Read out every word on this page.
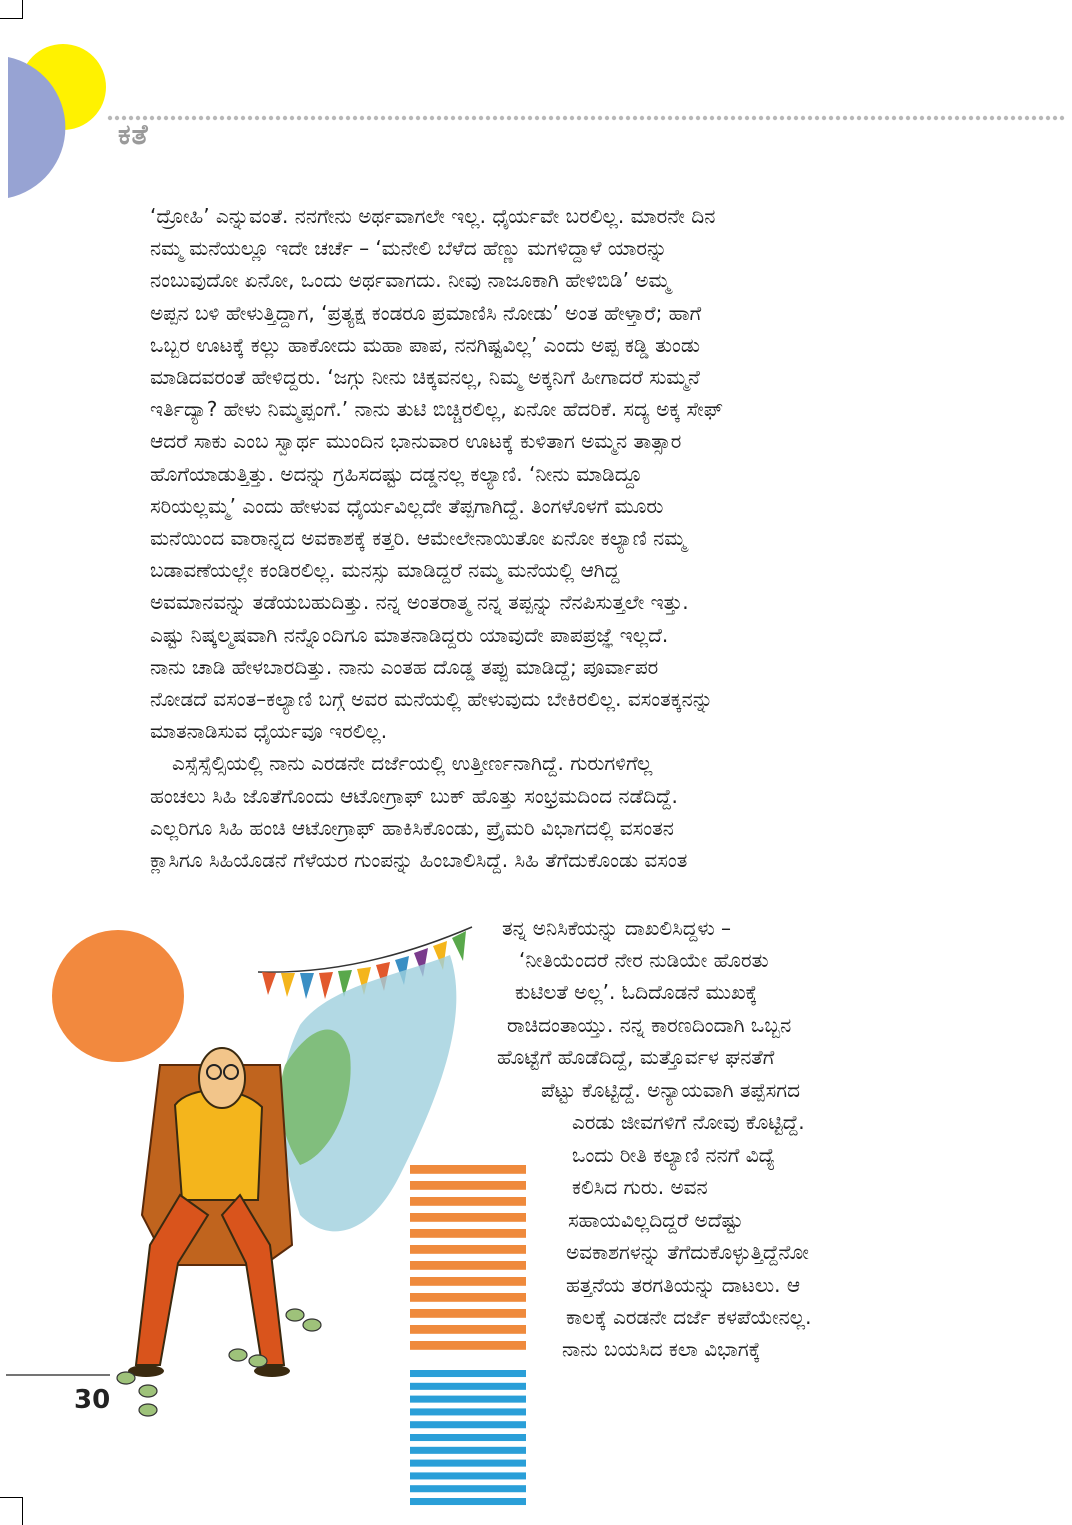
ಕತೆ
‘ದ್ರೋಹಿ’ ಎನ್ನುವಂತೆ. ನನಗೇನು ಅರ್ಥವಾಗಲೇ ಇಲ್ಲ. ಧೈರ್ಯವೇ ಬರಲಿಲ್ಲ. ಮಾರನೇ ದಿನ
ನಮ್ಮ ಮನೆಯಲ್ಲೂ ಇದೇ ಚರ್ಚೆ – ‘ಮನೇಲಿ ಬೆಳೆದ ಹೆಣ್ಣು ಮಗಳಿದ್ದಾಳೆ ಯಾರನ್ನು
ನಂಬುವುದೋ ಏನೋ, ಒಂದು ಅರ್ಥವಾಗದು. ನೀವು ನಾಜೂಕಾಗಿ ಹೇಳಿಬಿಡಿ’ ಅಮ್ಮ
ಅಪ್ಪನ ಬಳಿ ಹೇಳುತ್ತಿದ್ದಾಗ, ‘ಪ್ರತ್ಯಕ್ಷ ಕಂಡರೂ ಪ್ರಮಾಣಿಸಿ ನೋಡು’ ಅಂತ ಹೇಳ್ತಾರೆ; ಹಾಗೆ
ಒಬ್ಬರ ಊಟಕ್ಕೆ ಕಲ್ಲು ಹಾಕೋದು ಮಹಾ ಪಾಪ, ನನಗಿಷ್ಟವಿಲ್ಲ’ ಎಂದು ಅಪ್ಪ ಕಡ್ಡಿ ತುಂಡು
ಮಾಡಿದವರಂತೆ ಹೇಳಿದ್ದರು. ‘ಜಗ್ಗು ನೀನು ಚಿಕ್ಕವನಲ್ಲ, ನಿಮ್ಮ ಅಕ್ಕನಿಗೆ ಹೀಗಾದರೆ ಸುಮ್ಮನೆ
ಇರ್ತಿದ್ಯಾ? ಹೇಳು ನಿಮ್ಮಪ್ಪಂಗೆ.’ ನಾನು ತುಟಿ ಬಿಚ್ಚಿರಲಿಲ್ಲ, ಏನೋ ಹೆದರಿಕೆ. ಸದ್ಯ ಅಕ್ಕ ಸೇಫ್
ಆದರೆ ಸಾಕು ಎಂಬ ಸ್ವಾರ್ಥ ಮುಂದಿನ ಭಾನುವಾರ ಊಟಕ್ಕೆ ಕುಳಿತಾಗ ಅಮ್ಮನ ತಾತ್ಸಾರ
ಹೊಗೆಯಾಡುತ್ತಿತ್ತು. ಅದನ್ನು ಗ್ರಹಿಸದಷ್ಟು ದಡ್ಡನಲ್ಲ ಕಲ್ಯಾಣಿ. ‘ನೀನು ಮಾಡಿದ್ದೂ
ಸರಿಯಲ್ಲಮ್ಮ’ ಎಂದು ಹೇಳುವ ಧೈರ್ಯವಿಲ್ಲದೇ ತೆಪ್ಪಗಾಗಿದ್ದೆ. ತಿಂಗಳೊಳಗೆ ಮೂರು
ಮನೆಯಿಂದ ವಾರಾನ್ನದ ಅವಕಾಶಕ್ಕೆ ಕತ್ತರಿ. ಆಮೇಲೇನಾಯಿತೋ ಏನೋ ಕಲ್ಯಾಣಿ ನಮ್ಮ
ಬಡಾವಣೆಯಲ್ಲೇ ಕಂಡಿರಲಿಲ್ಲ. ಮನಸ್ಸು ಮಾಡಿದ್ದರೆ ನಮ್ಮ ಮನೆಯಲ್ಲಿ ಆಗಿದ್ದ
ಅವಮಾನವನ್ನು ತಡೆಯಬಹುದಿತ್ತು. ನನ್ನ ಅಂತರಾತ್ಮ ನನ್ನ ತಪ್ಪನ್ನು ನೆನಪಿಸುತ್ತಲೇ ಇತ್ತು.
ಎಷ್ಟು ನಿಷ್ಕಲ್ಮಷವಾಗಿ ನನ್ನೊಂದಿಗೂ ಮಾತನಾಡಿದ್ದರು ಯಾವುದೇ ಪಾಪಪ್ರಜ್ಞೆ ಇಲ್ಲದೆ.
ನಾನು ಚಾಡಿ ಹೇಳಬಾರದಿತ್ತು. ನಾನು ಎಂತಹ ದೊಡ್ಡ ತಪ್ಪು ಮಾಡಿದ್ದೆ; ಪೂರ್ವಾಪರ
ನೋಡದೆ ವಸಂತ–ಕಲ್ಯಾಣಿ ಬಗ್ಗೆ ಅವರ ಮನೆಯಲ್ಲಿ ಹೇಳುವುದು ಬೇಕಿರಲಿಲ್ಲ. ವಸಂತಕ್ಕನನ್ನು
ಮಾತನಾಡಿಸುವ ಧೈರ್ಯವೂ ಇರಲಿಲ್ಲ.
ಎಸ್ಸೆಸ್ಸೆಲ್ಸಿಯಲ್ಲಿ ನಾನು ಎರಡನೇ ದರ್ಜೆಯಲ್ಲಿ ಉತ್ತೀರ್ಣನಾಗಿದ್ದೆ. ಗುರುಗಳಿಗೆಲ್ಲ
ಹಂಚಲು ಸಿಹಿ ಜೊತೆಗೊಂದು ಆಟೋಗ್ರಾಫ್ ಬುಕ್ ಹೊತ್ತು ಸಂಭ್ರಮದಿಂದ ನಡೆದಿದ್ದೆ.
ಎಲ್ಲರಿಗೂ ಸಿಹಿ ಹಂಚಿ ಆಟೋಗ್ರಾಫ್ ಹಾಕಿಸಿಕೊಂಡು, ಪ್ರೈಮರಿ ವಿಭಾಗದಲ್ಲಿ ವಸಂತನ
ಕ್ಲಾಸಿಗೂ ಸಿಹಿಯೊಡನೆ ಗೆಳೆಯರ ಗುಂಪನ್ನು ಹಿಂಬಾಲಿಸಿದ್ದೆ. ಸಿಹಿ ತೆಗೆದುಕೊಂಡು ವಸಂತ
ತನ್ನ ಅನಿಸಿಕೆಯನ್ನು ದಾಖಲಿಸಿದ್ದಳು –
‘ನೀತಿಯೆಂದರೆ ನೇರ ನುಡಿಯೇ ಹೊರತು
ಕುಟಿಲತೆ ಅಲ್ಲ’. ಓದಿದೊಡನೆ ಮುಖಕ್ಕೆ
ರಾಚಿದಂತಾಯ್ತು. ನನ್ನ ಕಾರಣದಿಂದಾಗಿ ಒಬ್ಬನ
ಹೊಟ್ಟೆಗೆ ಹೊಡೆದಿದ್ದೆ, ಮತ್ತೊರ್ವಳ ಘನತೆಗೆ
ಪೆಟ್ಟು ಕೊಟ್ಟಿದ್ದೆ. ಅನ್ಯಾಯವಾಗಿ ತಪ್ಪೆಸಗದ
ಎರಡು ಜೀವಗಳಿಗೆ ನೋವು ಕೊಟ್ಟಿದ್ದೆ.
ಒಂದು ರೀತಿ ಕಲ್ಯಾಣಿ ನನಗೆ ವಿದ್ಯೆ
ಕಲಿಸಿದ ಗುರು. ಅವನ
ಸಹಾಯವಿಲ್ಲದಿದ್ದರೆ ಅದೆಷ್ಟು
ಅವಕಾಶಗಳನ್ನು ತೆಗೆದುಕೊಳ್ಳುತ್ತಿದ್ದೆನೋ
ಹತ್ತನೆಯ ತರಗತಿಯನ್ನು ದಾಟಲು. ಆ
ಕಾಲಕ್ಕೆ ಎರಡನೇ ದರ್ಜೆ ಕಳಪೆಯೇನಲ್ಲ.
ನಾನು ಬಯಸಿದ ಕಲಾ ವಿಭಾಗಕ್ಕೆ
30
